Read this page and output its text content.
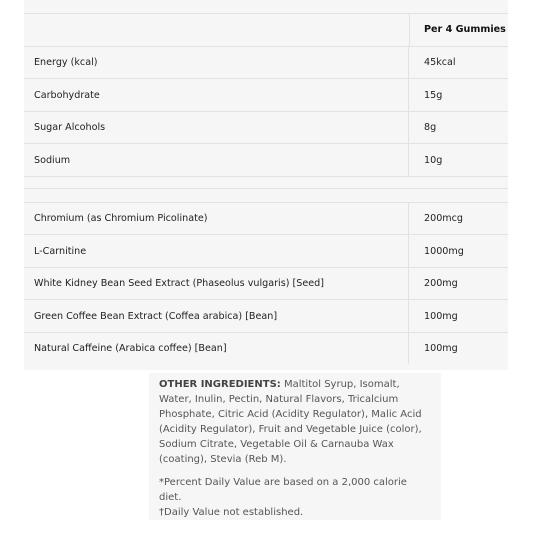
Per 4 Gummies
Energy (kcal)	45kcal
Carbohydrate	15g
Sugar Alcohols	8g
Sodium	10g
Chromium (as Chromium Picolinate)	200mcg
L-Carnitine	1000mg
White Kidney Bean Seed Extract (Phaseolus vulgaris) [Seed]	200mg
Green Coffee Bean Extract (Coffea arabica) [Bean]	100mg
Natural Caffeine (Arabica coffee) [Bean]	100mg

OTHER INGREDIENTS: Maltitol Syrup, Isomalt, Water, Inulin, Pectin, Natural Flavors, Tricalcium Phosphate, Citric Acid (Acidity Regulator), Malic Acid (Acidity Regulator), Fruit and Vegetable Juice (color), Sodium Citrate, Vegetable Oil & Carnauba Wax (coating), Stevia (Reb M).

*Percent Daily Value are based on a 2,000 calorie diet.

†Daily Value not established.
